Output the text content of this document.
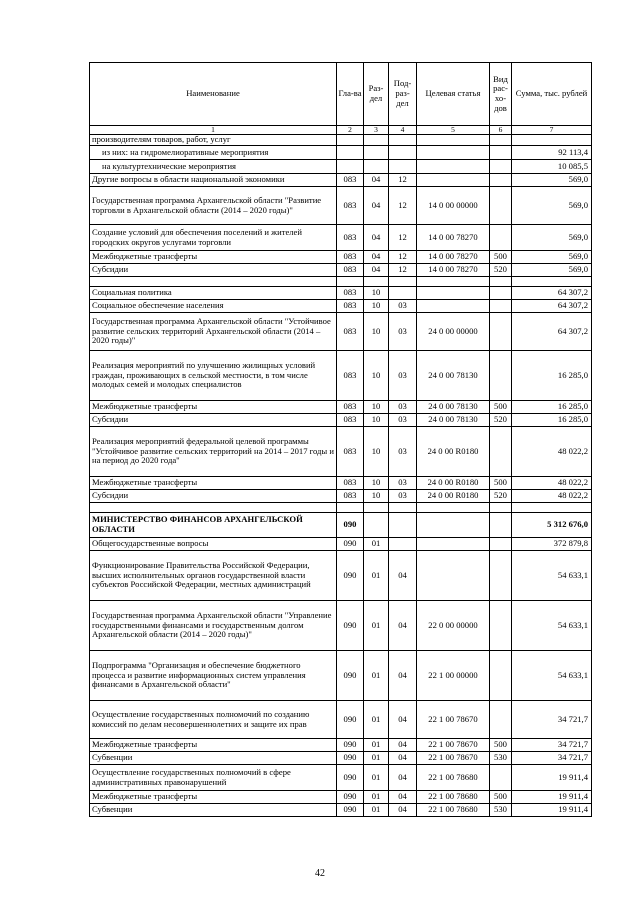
Наименование	Гла-ва	Раз-дел	Под-раз-дел	Целевая статья	Вид рас-хо-дов	Сумма, тыс. рублей
1	2	3	4	5	6	7
производителям товаров, работ, услуг						
из них: на гидромелиоративные мероприятия						92 113,4
на культуртехнические мероприятия						10 085,5
Другие вопросы в области национальной экономики	083	04	12			569,0
Государственная программа Архангельской области "Развитие торговли в Архангельской области (2014 – 2020 годы)"	083	04	12	14 0 00 00000		569,0
Создание условий для обеспечения поселений и жителей городских округов услугами торговли	083	04	12	14 0 00 78270		569,0
Межбюджетные трансферты	083	04	12	14 0 00 78270	500	569,0
Субсидии	083	04	12	14 0 00 78270	520	569,0

Социальная политика	083	10				64 307,2
Социальное обеспечение населения	083	10	03			64 307,2
Государственная программа Архангельской области "Устойчивое развитие сельских территорий Архангельской области (2014 – 2020 годы)"	083	10	03	24 0 00 00000		64 307,2
Реализация мероприятий по улучшению жилищных условий граждан, проживающих в сельской местности, в том числе молодых семей и молодых специалистов	083	10	03	24 0 00 78130		16 285,0
Межбюджетные трансферты	083	10	03	24 0 00 78130	500	16 285,0
Субсидии	083	10	03	24 0 00 78130	520	16 285,0
Реализация мероприятий федеральной целевой программы "Устойчивое развитие сельских территорий на 2014 – 2017 годы и на период до 2020 года"	083	10	03	24 0 00 R0180		48 022,2
Межбюджетные трансферты	083	10	03	24 0 00 R0180	500	48 022,2
Субсидии	083	10	03	24 0 00 R0180	520	48 022,2

МИНИСТЕРСТВО ФИНАНСОВ АРХАНГЕЛЬСКОЙ ОБЛАСТИ	090					5 312 676,0
Общегосударственные вопросы	090	01				372 879,8
Функционирование Правительства Российской Федерации, высших исполнительных органов государственной власти субъектов Российской Федерации, местных администраций	090	01	04			54 633,1
Государственная программа Архангельской области "Управление государственными финансами и государственным долгом Архангельской области (2014 – 2020 годы)"	090	01	04	22 0 00 00000		54 633,1
Подпрограмма "Организация и обеспечение бюджетного процесса и развитие информационных систем управления финансами в Архангельской области"	090	01	04	22 1 00 00000		54 633,1
Осуществление государственных полномочий по созданию комиссий по делам несовершеннолетних и защите их прав	090	01	04	22 1 00 78670		34 721,7
Межбюджетные трансферты	090	01	04	22 1 00 78670	500	34 721,7
Субвенции	090	01	04	22 1 00 78670	530	34 721,7
Осуществление государственных полномочий в сфере административных правонарушений	090	01	04	22 1 00 78680		19 911,4
Межбюджетные трансферты	090	01	04	22 1 00 78680	500	19 911,4
Субвенции	090	01	04	22 1 00 78680	530	19 911,4
42
